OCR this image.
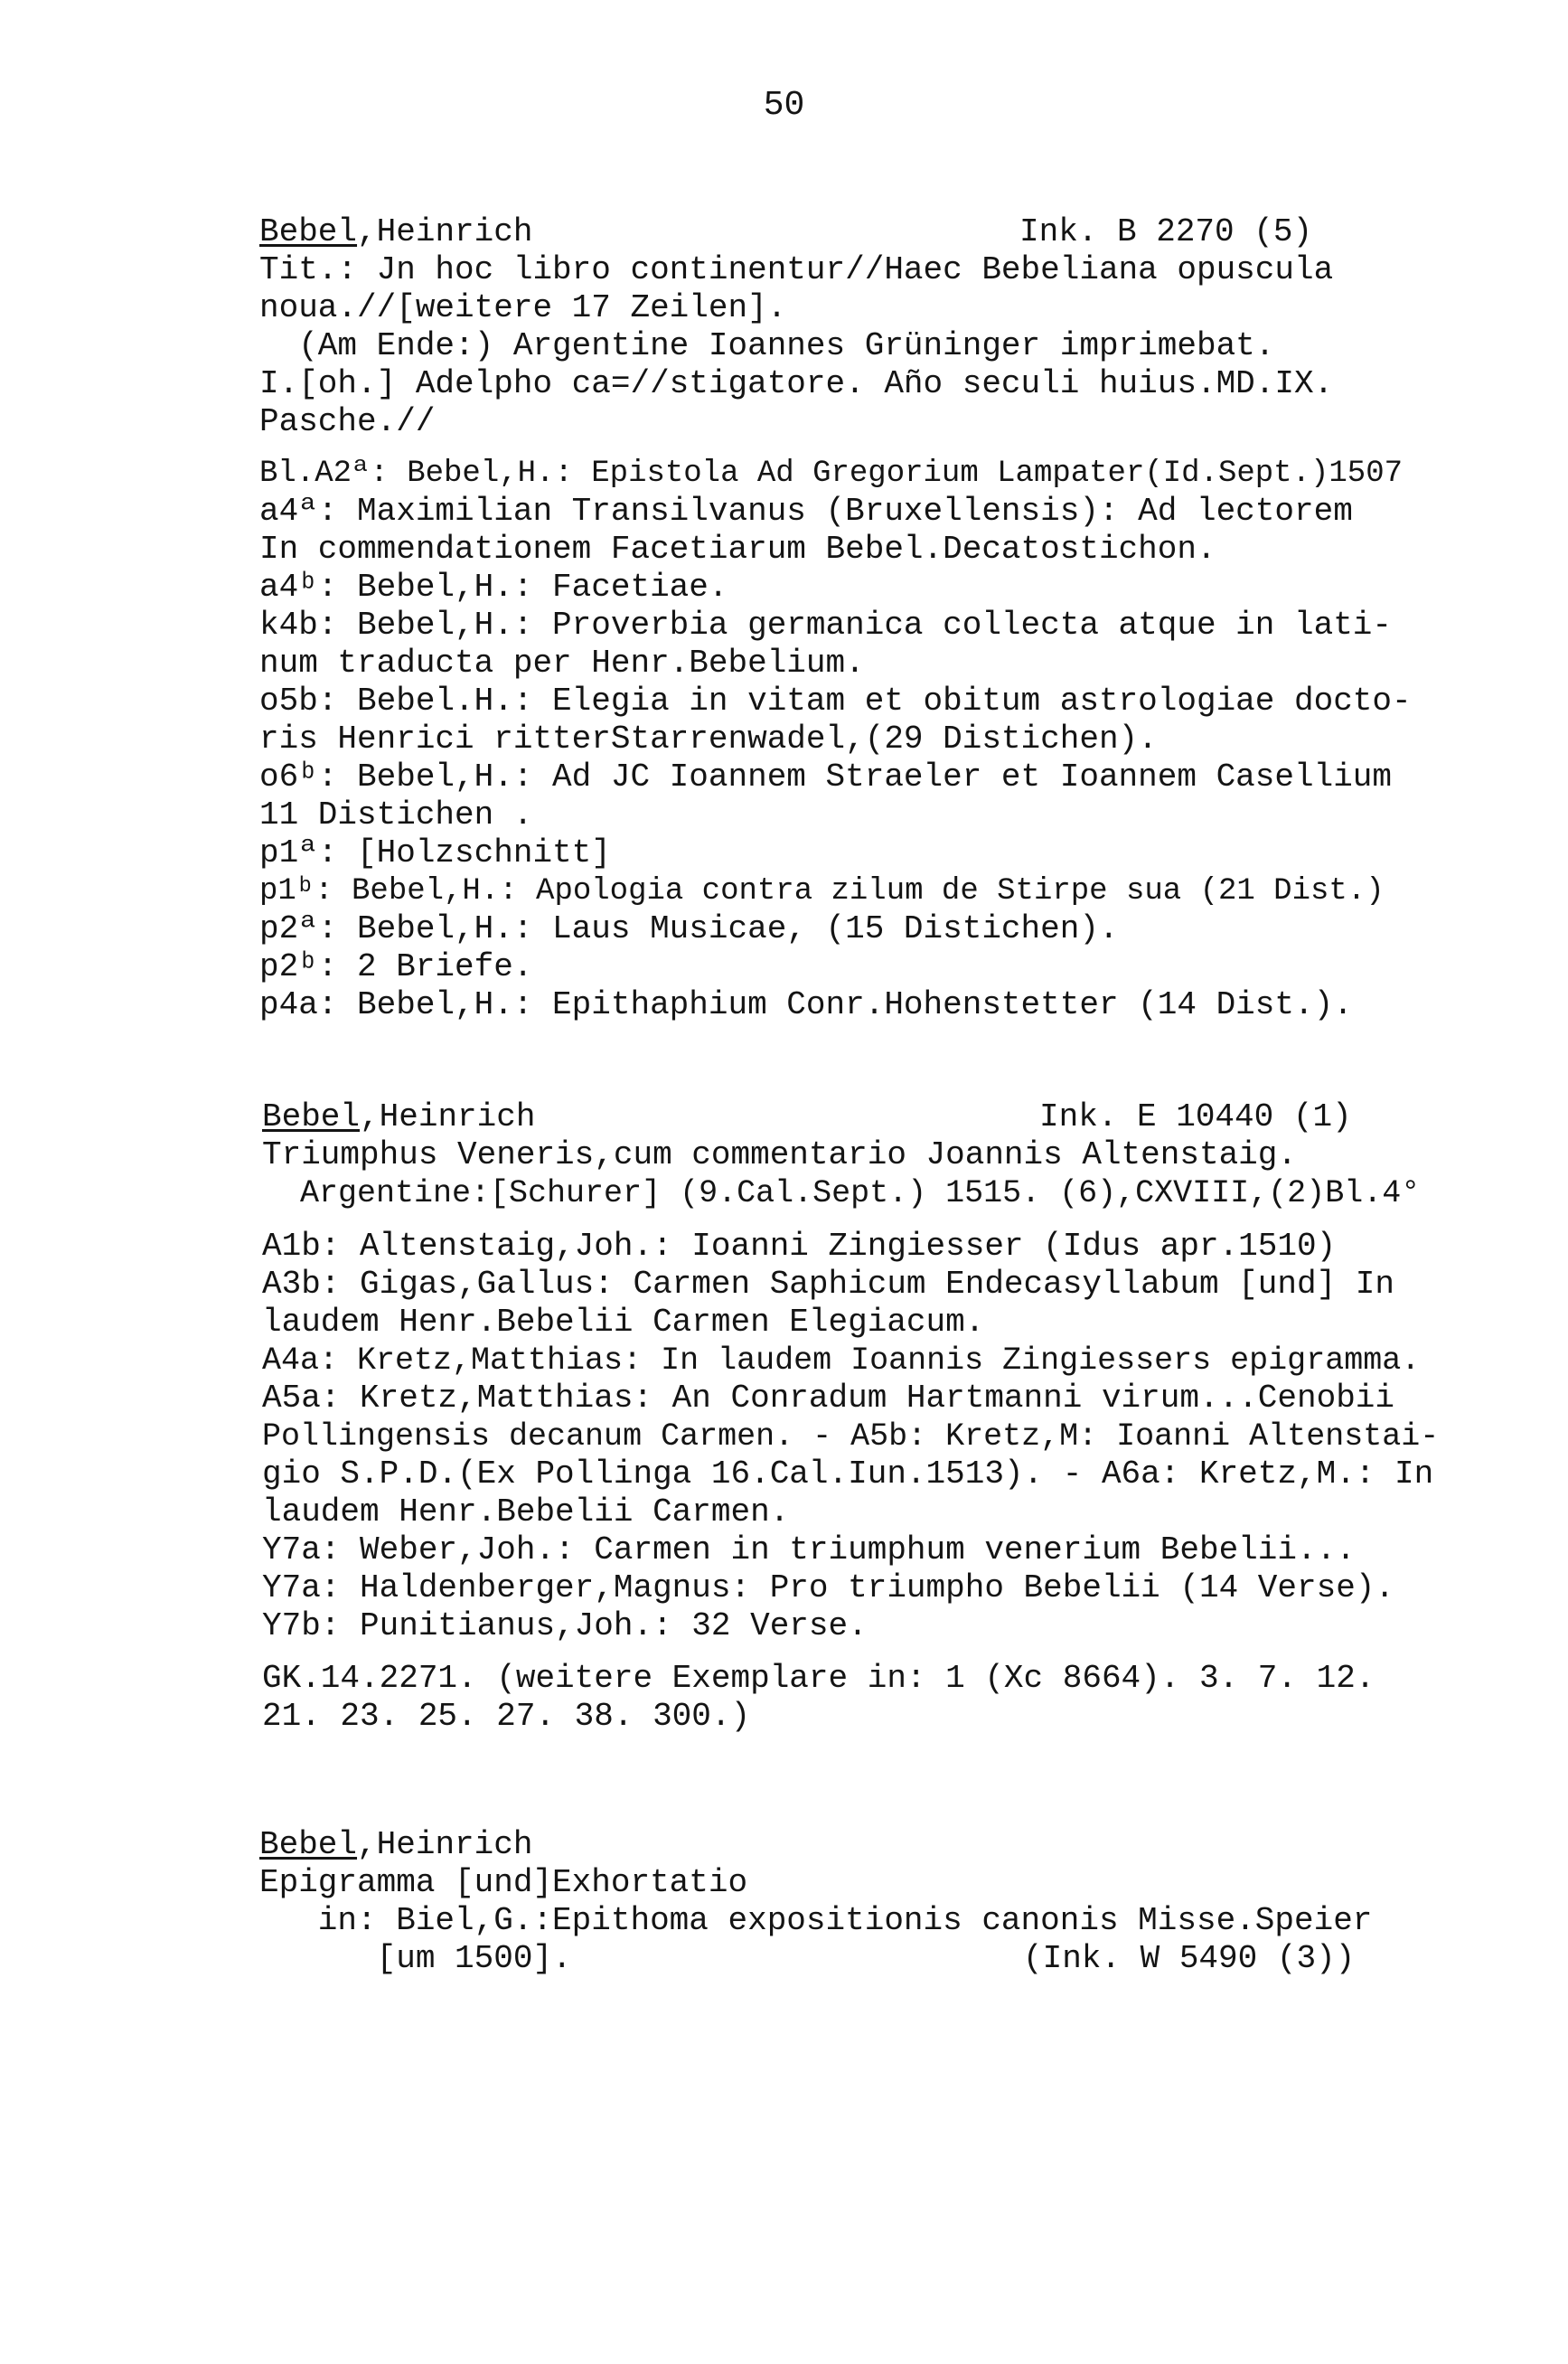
50
Bebel,Heinrich	Ink. B 2270 (5)
Tit.: Jn hoc libro continentur//Haec Bebeliana opuscula
noua.//[weitere 17 Zeilen].
(Am Ende:) Argentine Ioannes Grüninger imprimebat.
I.[oh.] Adelpho ca=//stigatore. Año seculi huius.MD.IX.
Pasche.//
Bl.A2ª: Bebel,H.: Epistola Ad Gregorium Lampater(Id.Sept.)1507
a4ª: Maximilian Transilvanus (Bruxellensis): Ad lectorem
In commendationem Facetiarum Bebel.Decatostichon.
a4ᵇ: Bebel,H.: Facetiae.
k4b: Bebel,H.: Proverbia germanica collecta atque in lati-
num traducta per Henr.Bebelium.
o5b: Bebel.H.: Elegia in vitam et obitum astrologiae docto-
ris Henrici ritterStarrenwadel,(29 Distichen).
o6ᵇ: Bebel,H.: Ad JC Ioannem Straeler et Ioannem Casellium
11 Distichen .
p1ª: [Holzschnitt]
p1ᵇ: Bebel,H.: Apologia contra zilum de Stirpe sua (21 Dist.)
p2ª: Bebel,H.: Laus Musicae, (15 Distichen).
p2ᵇ: 2 Briefe.
p4a: Bebel,H.: Epithaphium Conr.Hohenstetter (14 Dist.).
Bebel,Heinrich	Ink. E 10440 (1)
Triumphus Veneris,cum commentario Joannis Altenstaig.
Argentine:[Schurer] (9.Cal.Sept.) 1515. (6),CXVIII,(2)Bl.4°
A1b: Altenstaig,Joh.: Ioanni Zingiesser (Idus apr.1510)
A3b: Gigas,Gallus: Carmen Saphicum Endecasyllabum [und] In
laudem Henr.Bebelii Carmen Elegiacum.
A4a: Kretz,Matthias: In laudem Ioannis Zingiessers epigramma.
A5a: Kretz,Matthias: An Conradum Hartmanni virum...Cenobii
Pollingensis decanum Carmen. - A5b: Kretz,M: Ioanni Altenstai-
gio S.P.D.(Ex Pollinga 16.Cal.Iun.1513). - A6a: Kretz,M.: In
laudem Henr.Bebelii Carmen.
Y7a: Weber,Joh.: Carmen in triumphum venerium Bebelii...
Y7a: Haldenberger,Magnus: Pro triumpho Bebelii (14 Verse).
Y7b: Punitianus,Joh.: 32 Verse.
GK.14.2271. (weitere Exemplare in: 1 (Xc 8664). 3. 7. 12.
21. 23. 25. 27. 38. 300.)
Bebel,Heinrich
Epigramma [und]Exhortatio
in: Biel,G.:Epithoma expositionis canonis Misse.Speier
[um 1500].	(Ink. W 5490 (3))
